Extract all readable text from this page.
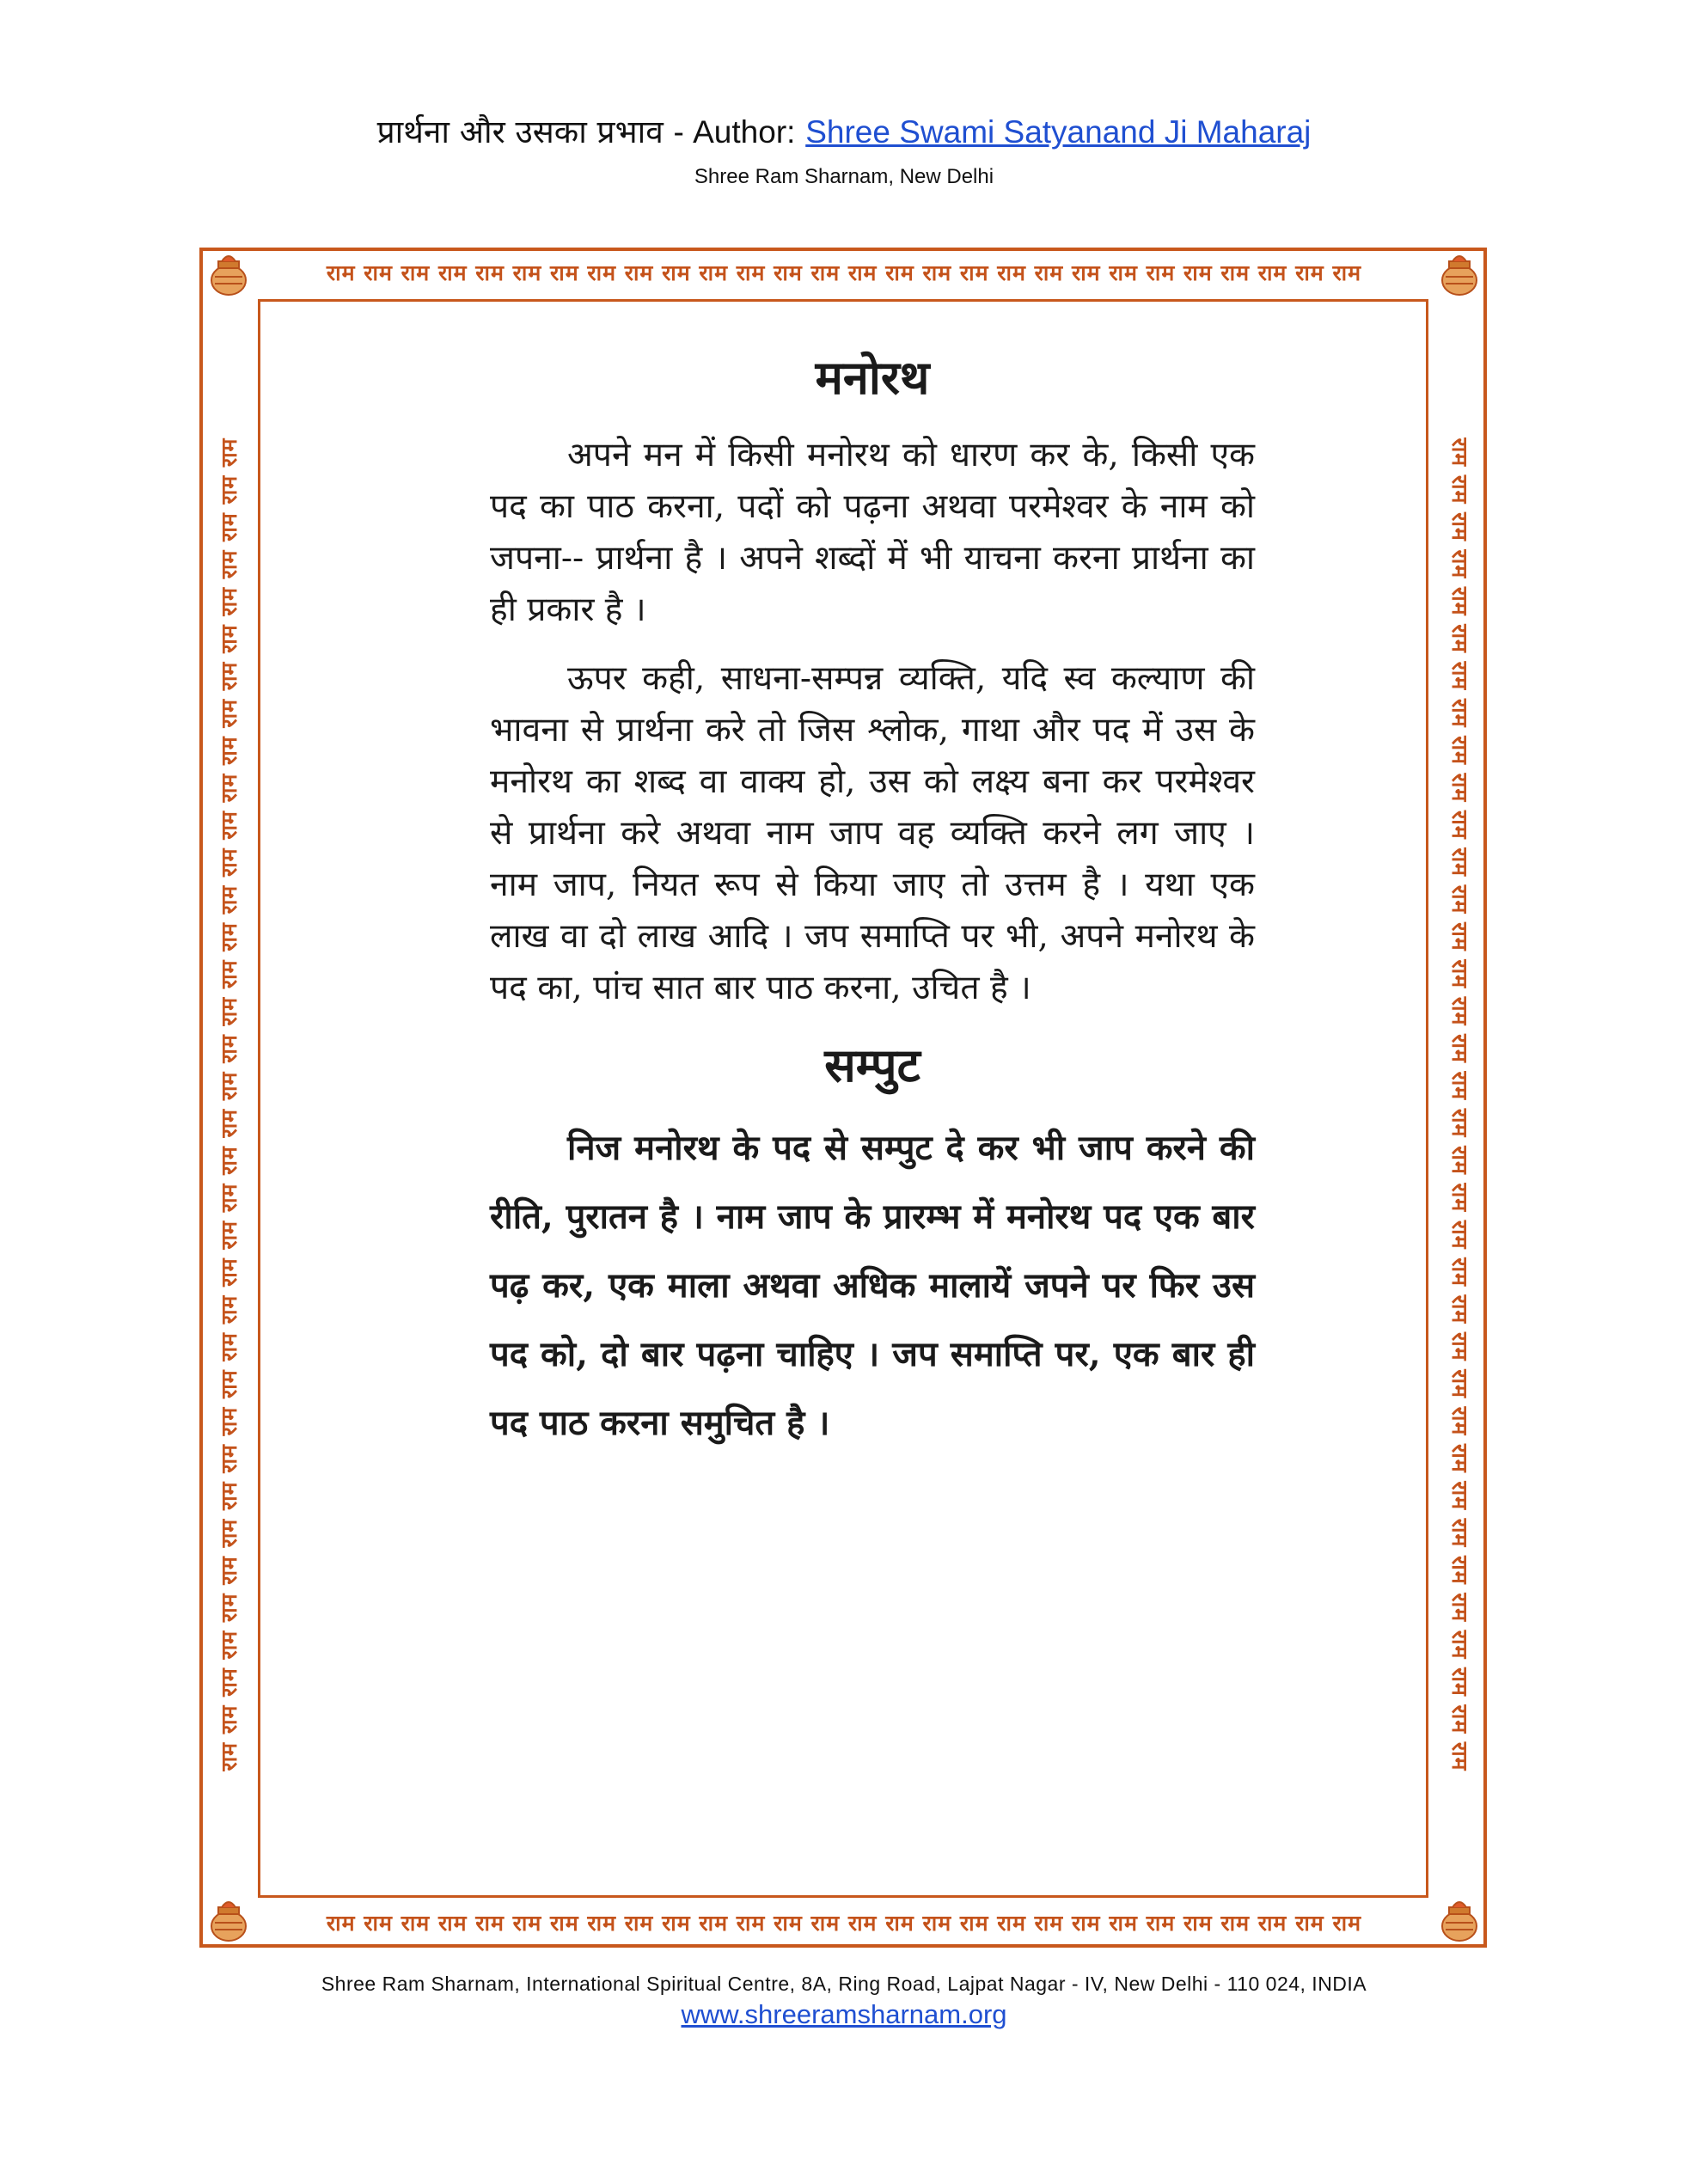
प्रार्थना और उसका प्रभाव - Author: Shree Swami Satyanand Ji Maharaj
Shree Ram Sharnam, New Delhi
राम राम राम राम राम राम राम राम राम राम राम राम राम राम राम राम राम राम राम राम राम राम राम राम राम राम राम राम
राम राम राम राम राम राम राम राम राम राम राम राम राम राम राम राम राम राम राम राम राम राम राम राम राम राम राम राम
राम राम राम राम राम राम राम राम राम राम राम राम राम राम राम राम राम राम राम राम राम राम राम राम राम राम राम राम राम राम राम राम राम राम राम राम	राम राम राम राम राम राम राम राम राम राम राम राम राम राम राम राम राम राम राम राम राम राम राम राम राम राम राम राम राम राम राम राम राम राम राम राम
मनोरथ

अपने मन में किसी मनोरथ को धारण कर के, किसी एक पद का पाठ करना, पदों को पढ़ना अथवा परमेश्वर के नाम को जपना-- प्रार्थना है । अपने शब्दों में भी याचना करना प्रार्थना का ही प्रकार है ।

ऊपर कही, साधना-सम्पन्न व्यक्ति, यदि स्व कल्याण की भावना से प्रार्थना करे तो जिस श्लोक, गाथा और पद में उस के मनोरथ का शब्द वा वाक्य हो, उस को लक्ष्य बना कर परमेश्वर से प्रार्थना करे अथवा नाम जाप वह व्यक्ति करने लग जाए । नाम जाप, नियत रूप से किया जाए तो उत्तम है । यथा एक लाख वा दो लाख आदि । जप समाप्ति पर भी, अपने मनोरथ के पद का, पांच सात बार पाठ करना, उचित है ।

सम्पुट

निज मनोरथ के पद से सम्पुट दे कर भी जाप करने की रीति, पुरातन है । नाम जाप के प्रारम्भ में मनोरथ पद एक बार पढ़ कर, एक माला अथवा अधिक मालायें जपने पर फिर उस पद को, दो बार पढ़ना चाहिए । जप समाप्ति पर, एक बार ही पद पाठ करना समुचित है ।

Shree Ram Sharnam, International Spiritual Centre, 8A, Ring Road, Lajpat Nagar - IV, New Delhi - 110 024, INDIA
www.shreeramsharnam.org
